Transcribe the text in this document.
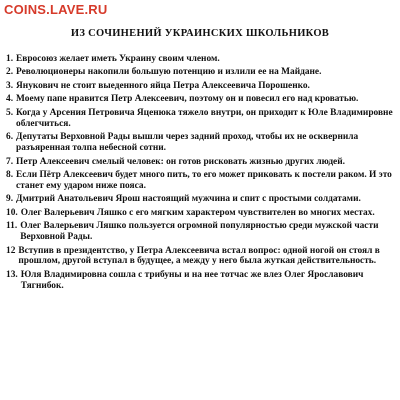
COINS.LAVE.RU
ИЗ СОЧИНЕНИЙ УКРАИНСКИХ ШКОЛЬНИКОВ
1. Евросоюз желает иметь Украину своим членом.
2. Революционеры накопили большую потенцию и излили ее на Майдане.
3. Янукович не стоит выеденного яйца Петра Алексеевича Порошенко.
4. Моему папе нравится Петр Алексеевич, поэтому он и повесил его над кроватью.
5. Когда у Арсения Петровича Яценюка тяжело внутри, он приходит к Юле Владимировне облегчиться.
6. Депутаты Верховной Рады вышли через задний проход, чтобы их не осквернила разъяренная толпа небесной сотни.
7. Петр Алексеевич смелый человек: он готов рисковать жизнью других людей.
8. Если Пётр Алексеевич будет много пить, то его может приковать к постели раком. И это станет ему ударом ниже пояса.
9. Дмитрий Анатольевич Ярош настоящий мужчина и спит с простыми солдатами.
10. Олег Валерьевич Ляшко с его мягким характером чувствителен во многих местах.
11. Олег Валерьевич Ляшко пользуется огромной популярностью среди мужской части Верховной Рады.
12 Вступив в президентство, у Петра Алексеевича встал вопрос: одной ногой он стоял в прошлом, другой вступал в будущее, а между у него была жуткая действительность.
13. Юля Владимировна сошла с трибуны и на нее тотчас же влез Олег Ярославович Тягнибок.
